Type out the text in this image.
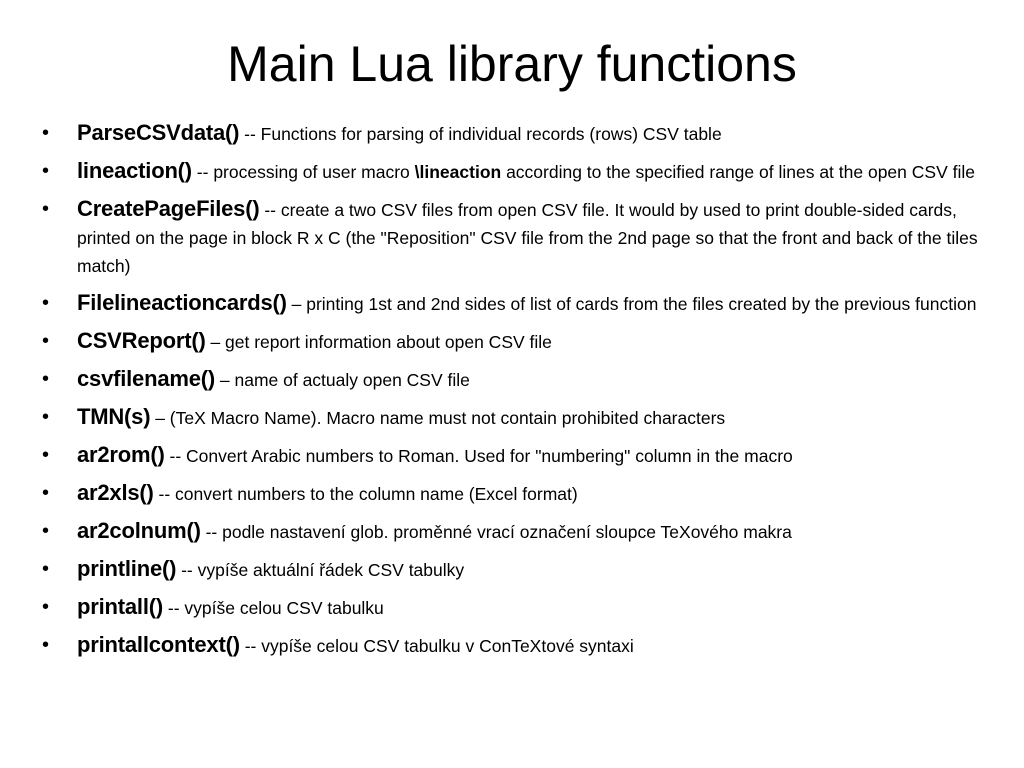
Main Lua library functions
• ParseCSVdata() -- Functions for parsing of individual records (rows) CSV table
• lineaction() -- processing of user macro \lineaction according to the specified range of lines at the open CSV file
• CreatePageFiles() -- create a two CSV files from open CSV file. It would by used to print double-sided cards, printed on the page in block R x C (the "Reposition" CSV file from the 2nd page so that the front and back of the tiles match)
• Filelineactioncards() – printing 1st and 2nd sides of list of cards from the files created by the previous function
• CSVReport() – get report information about open CSV file
• csvfilename() – name of actualy open CSV file
• TMN(s) – (TeX Macro Name). Macro name must not contain prohibited characters
• ar2rom() -- Convert Arabic numbers to Roman. Used for "numbering" column in the macro
• ar2xls() -- convert numbers to the column name (Excel format)
• ar2colnum() -- podle nastavení glob. proměnné vrací označení sloupce TeXového makra
• printline() -- vypíše aktuální řádek CSV tabulky
• printall() -- vypíše celou CSV tabulku
• printallcontext() -- vypíše celou CSV tabulku v ConTeXtové syntaxi
